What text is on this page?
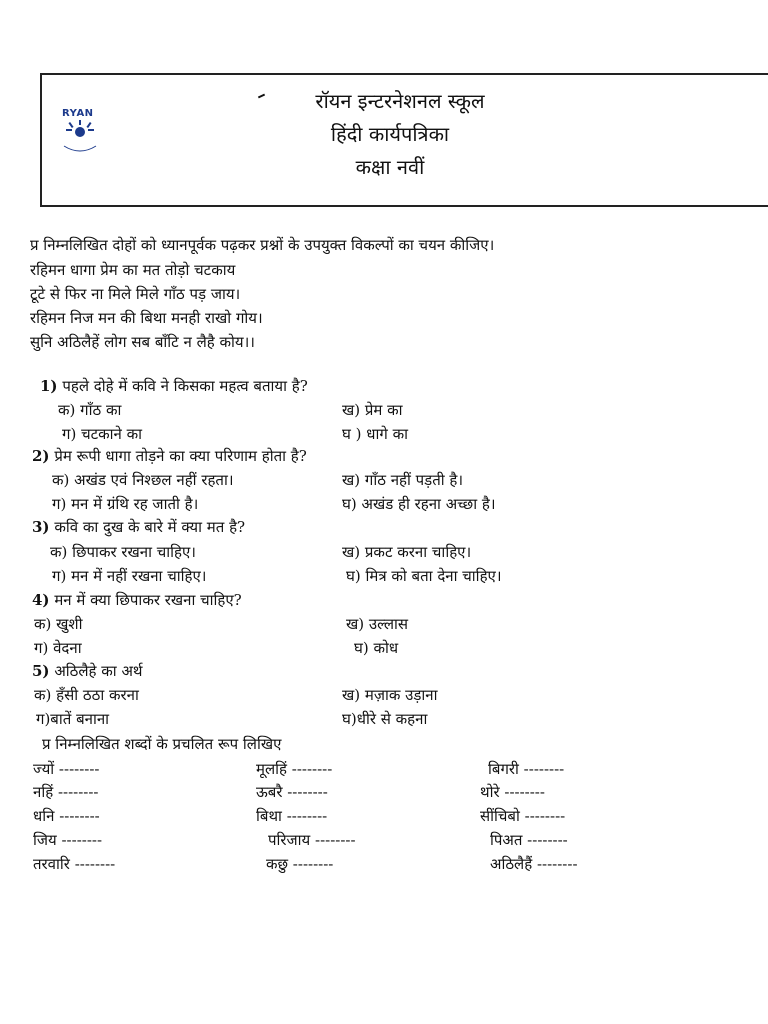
RYAN
रॉयन इन्टरनेशनल स्कूल
हिंदी कार्यपत्रिका
कक्षा नवीं
प्र निम्नलिखित दोहों को ध्यानपूर्वक पढ़कर प्रश्नों के उपयुक्त विकल्पों का चयन कीजिए।
रहिमन धागा प्रेम का मत तोड़ो चटकाय
टूटे से फिर ना मिले मिले गाँठ पड़ जाय।
रहिमन निज मन की बिथा मनही राखो गोय।
सुनि अठिलैहें लोग सब बाँटि न लैहै कोय।।
1) पहले दोहे में कवि ने किसका महत्व बताया है?
क) गाँठ का	ख) प्रेम का
ग) चटकाने का	घ ) धागे का
2) प्रेम रूपी धागा तोड़ने का क्या परिणाम होता है?
क) अखंड एवं निश्छल नहीं रहता।	ख) गाँठ नहीं पड़ती है।
ग) मन में ग्रंथि रह जाती है।	घ) अखंड ही रहना अच्छा है।
3) कवि का दुख के बारे में क्या मत है?
क) छिपाकर रखना चाहिए।	ख) प्रकट करना चाहिए।
ग) मन में नहीं रखना चाहिए।	घ) मित्र को बता देना चाहिए।
4) मन में क्या छिपाकर रखना चाहिए?
क) खुशी	ख) उल्लास
ग) वेदना	घ) कोध
5) अठिलैहे का अर्थ
क) हँसी ठठा करना	ख) मज़ाक उड़ाना
ग)बातें बनाना	घ)धीरे से कहना
प्र निम्नलिखित शब्दों के प्रचलित रूप लिखिए
ज्यों --------	मूलहिं --------	बिगरी --------
नहिं --------	ऊबरै --------	थोरे --------
धनि --------	बिथा --------	सींचिबो --------
जिय --------	परिजाय --------	पिअत --------
तरवारि --------	कछु --------	अठिलैहैं --------
